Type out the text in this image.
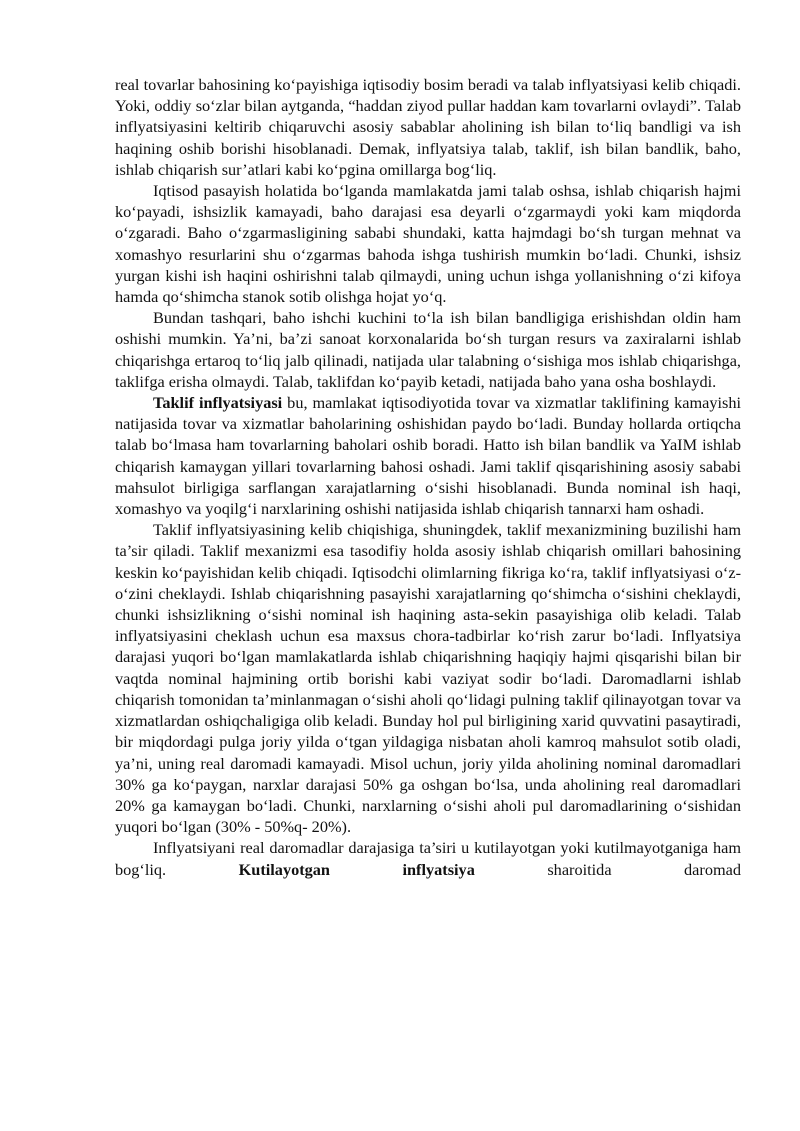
real tovarlar bahosining koʻpayishiga iqtisodiy bosim beradi va talab inflyatsiyasi kelib chiqadi. Yoki, oddiy soʻzlar bilan aytganda, “haddan ziyod pullar haddan kam tovarlarni ovlaydi”. Talab inflyatsiyasini keltirib chiqaruvchi asosiy sabablar aholining ish bilan toʻliq bandligi va ish haqining oshib borishi hisoblanadi. Demak, inflyatsiya talab, taklif, ish bilan bandlik, baho, ishlab chiqarish sur’atlari kabi koʻpgina omillarga bogʻliq.

Iqtisod pasayish holatida boʻlganda mamlakatda jami talab oshsa, ishlab chiqarish hajmi koʻpayadi, ishsizlik kamayadi, baho darajasi esa deyarli oʻzgarmaydi yoki kam miqdorda oʻzgaradi. Baho oʻzgarmasligining sababi shundaki, katta hajmdagi boʻsh turgan mehnat va xomashyo resurlarini shu oʻzgarmas bahoda ishga tushirish mumkin boʻladi. Chunki, ishsiz yurgan kishi ish haqini oshirishni talab qilmaydi, uning uchun ishga yollanishning oʻzi kifoya hamda qoʻshimcha stanok sotib olishga hojat yoʻq.

Bundan tashqari, baho ishchi kuchini toʻla ish bilan bandligiga erishishdan oldin ham oshishi mumkin. Ya’ni, ba’zi sanoat korxonalarida boʻsh turgan resurs va zaxiralarni ishlab chiqarishga ertaroq toʻliq jalb qilinadi, natijada ular talabning oʻsishiga mos ishlab chiqarishga, taklifga erisha olmaydi. Talab, taklifdan koʻpayib ketadi, natijada baho yana osha boshlaydi.

Taklif inflyatsiyasi bu, mamlakat iqtisodiyotida tovar va xizmatlar taklifining kamayishi natijasida tovar va xizmatlar baholarining oshishidan paydo boʻladi. Bunday hollarda ortiqcha talab boʻlmasa ham tovarlarning baholari oshib boradi. Hatto ish bilan bandlik va YaIM ishlab chiqarish kamaygan yillari tovarlarning bahosi oshadi. Jami taklif qisqarishining asosiy sababi mahsulot birligiga sarflangan xarajatlarning oʻsishi hisoblanadi. Bunda nominal ish haqi, xomashyo va yoqilgʻi narxlarining oshishi natijasida ishlab chiqarish tannarxi ham oshadi.

Taklif inflyatsiyasining kelib chiqishiga, shuningdek, taklif mexanizmining buzilishi ham ta’sir qiladi. Taklif mexanizmi esa tasodifiy holda asosiy ishlab chiqarish omillari bahosining keskin koʻpayishidan kelib chiqadi. Iqtisodchi olimlarning fikriga koʻra, taklif inflyatsiyasi oʻz-oʻzini cheklaydi. Ishlab chiqarishning pasayishi xarajatlarning qoʻshimcha oʻsishini cheklaydi, chunki ishsizlikning oʻsishi nominal ish haqining asta-sekin pasayishiga olib keladi. Talab inflyatsiyasini cheklash uchun esa maxsus chora-tadbirlar koʻrish zarur boʻladi. Inflyatsiya darajasi yuqori boʻlgan mamlakatlarda ishlab chiqarishning haqiqiy hajmi qisqarishi bilan bir vaqtda nominal hajmining ortib borishi kabi vaziyat sodir boʻladi. Daromadlarni ishlab chiqarish tomonidan ta’minlanmagan oʻsishi aholi qoʻlidagi pulning taklif qilinayotgan tovar va xizmatlardan oshiqchaligiga olib keladi. Bunday hol pul birligining xarid quvvatini pasaytiradi, bir miqdordagi pulga joriy yilda oʻtgan yildagiga nisbatan aholi kamroq mahsulot sotib oladi, ya’ni, uning real daromadi kamayadi. Misol uchun, joriy yilda aholining nominal daromadlari 30% ga koʻpaygan, narxlar darajasi 50% ga oshgan boʻlsa, unda aholining real daromadlari 20% ga kamaygan boʻladi. Chunki, narxlarning oʻsishi aholi pul daromadlarining oʻsishidan yuqori boʻlgan (30% - 50%q- 20%).

Inflyatsiyani real daromadlar darajasiga ta’siri u kutilayotgan yoki kutilmayotganiga ham bogʻliq. Kutilayotgan inflyatsiya sharoitida daromad
